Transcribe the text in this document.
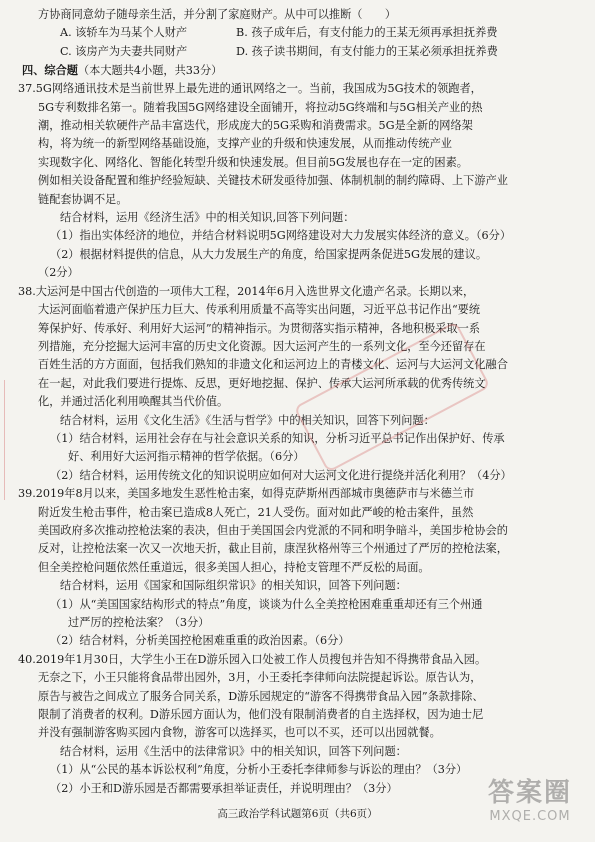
方协商同意幼子随母亲生活，并分割了家庭财产。从中可以推断（　　）

A. 该轿车为马某个人财产	B. 孩子成年后，有支付能力的王某无须再承担抚养费
C. 该房产为夫妻共同财产	D. 孩子读书期间，有支付能力的王某必须承担抚养费
四、综合题（本大题共4小题，共33分）

37.5G网络通讯技术是当前世界上最先进的通讯网络之一。当前，我国成为5G技术的领跑者，

5G专利数排名第一。随着我国5G网络建设全面铺开，将拉动5G终端和与5G相关产业的热

潮，推动相关软硬件产品丰富迭代，形成庞大的5G采购和消费需求。5G是全新的网络架

构，将为统一的新型网络基础设施，支撑产业的升级和快速发展，从而推动传统产业

实现数字化、网络化、智能化转型升级和快速发展。但目前5G发展也存在一定的困素。

例如相关设备配置和维护经验短缺、关键技术研发亟待加强、体制机制的制约障碍、上下游产业

链配套协调不足。

结合材料，运用《经济生活》中的相关知识,回答下列问题：

（1）指出实体经济的地位，并结合材料说明5G网络建设对大力发展实体经济的意义。（6分）

（2）根据材料提供的信息，从大力发展生产的角度，给国家提两条促进5G发展的建议。

（2分）

38.大运河是中国古代创造的一项伟大工程，2014年6月入选世界文化遗产名录。长期以来，

大运河面临着遗产保护压力巨大、传承利用质量不高等实出问题，习近平总书记作出“要统

筹保护好、传承好、利用好大运河”的精神指示。为贯彻落实指示精神，各地积极采取一系

列措施，充分挖掘大运河丰富的历史文化资源。因大运河产生的一系列文化，至今还留存在

百姓生活的方方面面，包括我们熟知的非遗文化和运河边上的青楼文化、运河与大运河文化融合

在一起，对此我们要进行提炼、反思，更好地挖掘、保护、传承大运河所承载的优秀传统文

化，并通过活化利用唤醒其当代价值。

结合材料，运用《文化生活》《生活与哲学》中的相关知识，回答下列问题：

（1）结合材料，运用社会存在与社会意识关系的知识，分析习近平总书记作出保护好、传承

好、利用好大运河指示精神的哲学依据。（6分）

（2）结合材料，运用传统文化的知识说明应如何对大运河文化进行提绕并活化利用？（4分）

39.2019年8月以来，美国多地发生恶性枪击案，如得克萨斯州西部城市奥德萨市与米德兰市

附近发生枪击事件，枪击案已造成8人死亡，21人受伤。面对如此严峻的枪击案件，虽然

美国政府多次推动控枪法案的表决，但由于美国国会内党派的不同和明争暗斗，美国步枪协会的

反对，让控枪法案一次又一次地天折，截止目前，康涅狄格州等三个州通过了严厉的控枪法案，

但全美控枪问题依然任重道远，很多美国人担心，持枪支管理不严反松的局面。

结合材料，运用《国家和国际组织常识》的相关知识，回答下列问题：

（1）从“美国国家结构形式的特点”角度，谈谈为什么全美控枪困难重重却还有三个州通

过严厉的控枪法案？（3分）

（2）结合材料，分析美国控枪困难重重的政治因素。（6分）

40.2019年1月30日，大学生小王在D游乐园入口处被工作人员搜包并告知不得携带食品入园。

无奈之下，小王只能将食品带出园外，3月，小王委托李律师向法院提起诉讼。原告认为，

原告与被告之间成立了服务合同关系，D游乐园规定的“游客不得携带食品入园”条款排除、

限制了消费者的权利。D游乐园方面认为，他们没有限制消费者的自主选择权，因为迪士尼

并没有强制游客购买园内食物，游客可以选择买，也可以不买，还可以出园就餐。

结合材料，运用《生活中的法律常识》中的相关知识，回答下列问题：

（1）从“公民的基本诉讼权利”角度，分析小王委托李律师参与诉讼的理由？（3分）

（2）小王和D游乐园是否都需要承担举证责任，并说明理由？（3分）

高三政治学科试题第6页（共6页）
答案圈
MXQE.COM
